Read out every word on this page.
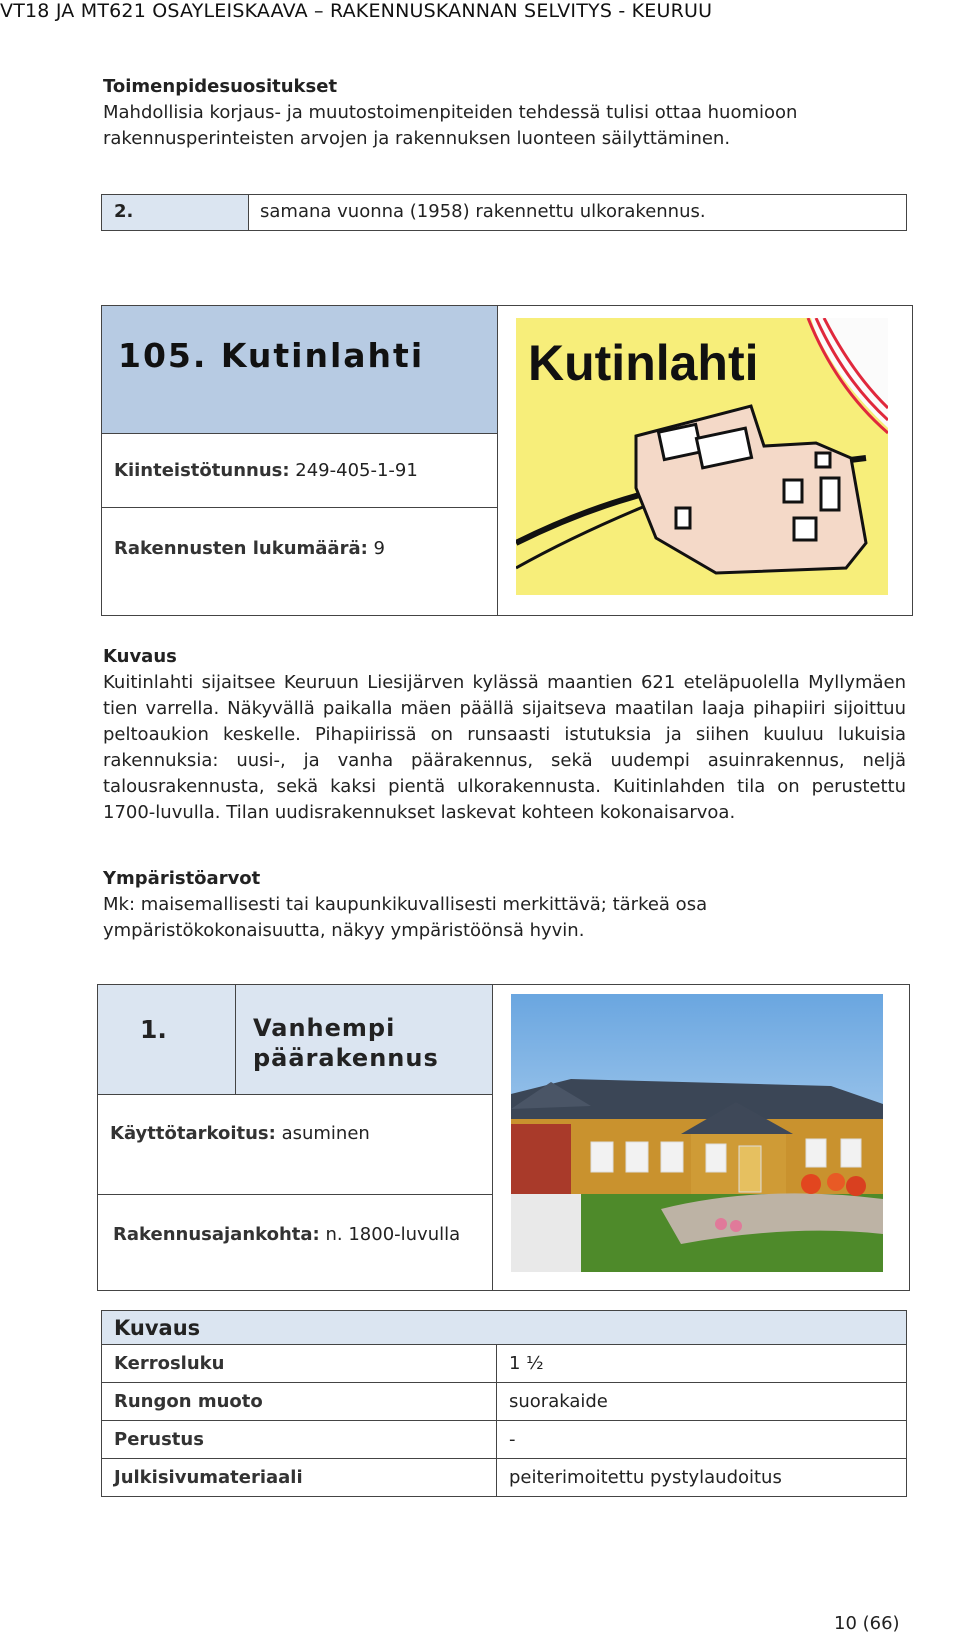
VT18 JA MT621 OSAYLEISKAAVA – RAKENNUSKANNAN SELVITYS - KEURUU
Toimenpidesuositukset
Mahdollisia korjaus- ja muutostoimenpiteiden tehdessä tulisi ottaa huomioon
rakennusperinteisten arvojen ja rakennuksen luonteen säilyttäminen.
2.	samana vuonna (1958) rakennettu ulkorakennus.
105. Kutinlahti
Kiinteistötunnus: 249-405-1-91
Rakennusten lukumäärä: 9
Kutinlahti
Kuvaus
Kuitinlahti sijaitsee Keuruun Liesijärven kylässä maantien 621 eteläpuolella Myllymäen tien varrella. Näkyvällä paikalla mäen päällä sijaitseva maatilan laaja pihapiiri sijoittuu peltoaukion keskelle. Pihapiirissä on runsaasti istutuksia ja siihen kuuluu lukuisia rakennuksia: uusi-, ja vanha päärakennus, sekä uudempi asuinrakennus, neljä talousrakennusta, sekä kaksi pientä ulkorakennusta. Kuitinlahden tila on perustettu 1700-luvulla. Tilan uudisrakennukset laskevat kohteen kokonaisarvoa.
Ympäristöarvot
Mk: maisemallisesti tai kaupunkikuvallisesti merkittävä; tärkeä osa
ympäristökokonaisuutta, näkyy ympäristöönsä hyvin.
1.	Vanhempi
päärakennus
Käyttötarkoitus: asuminen
Rakennusajankohta: n. 1800-luvulla
Kuvaus	
Kerrosluku	1 ½
Rungon muoto	suorakaide
Perustus	-
Julkisivumateriaali	peiterimoitettu pystylaudoitus
10 (66)
